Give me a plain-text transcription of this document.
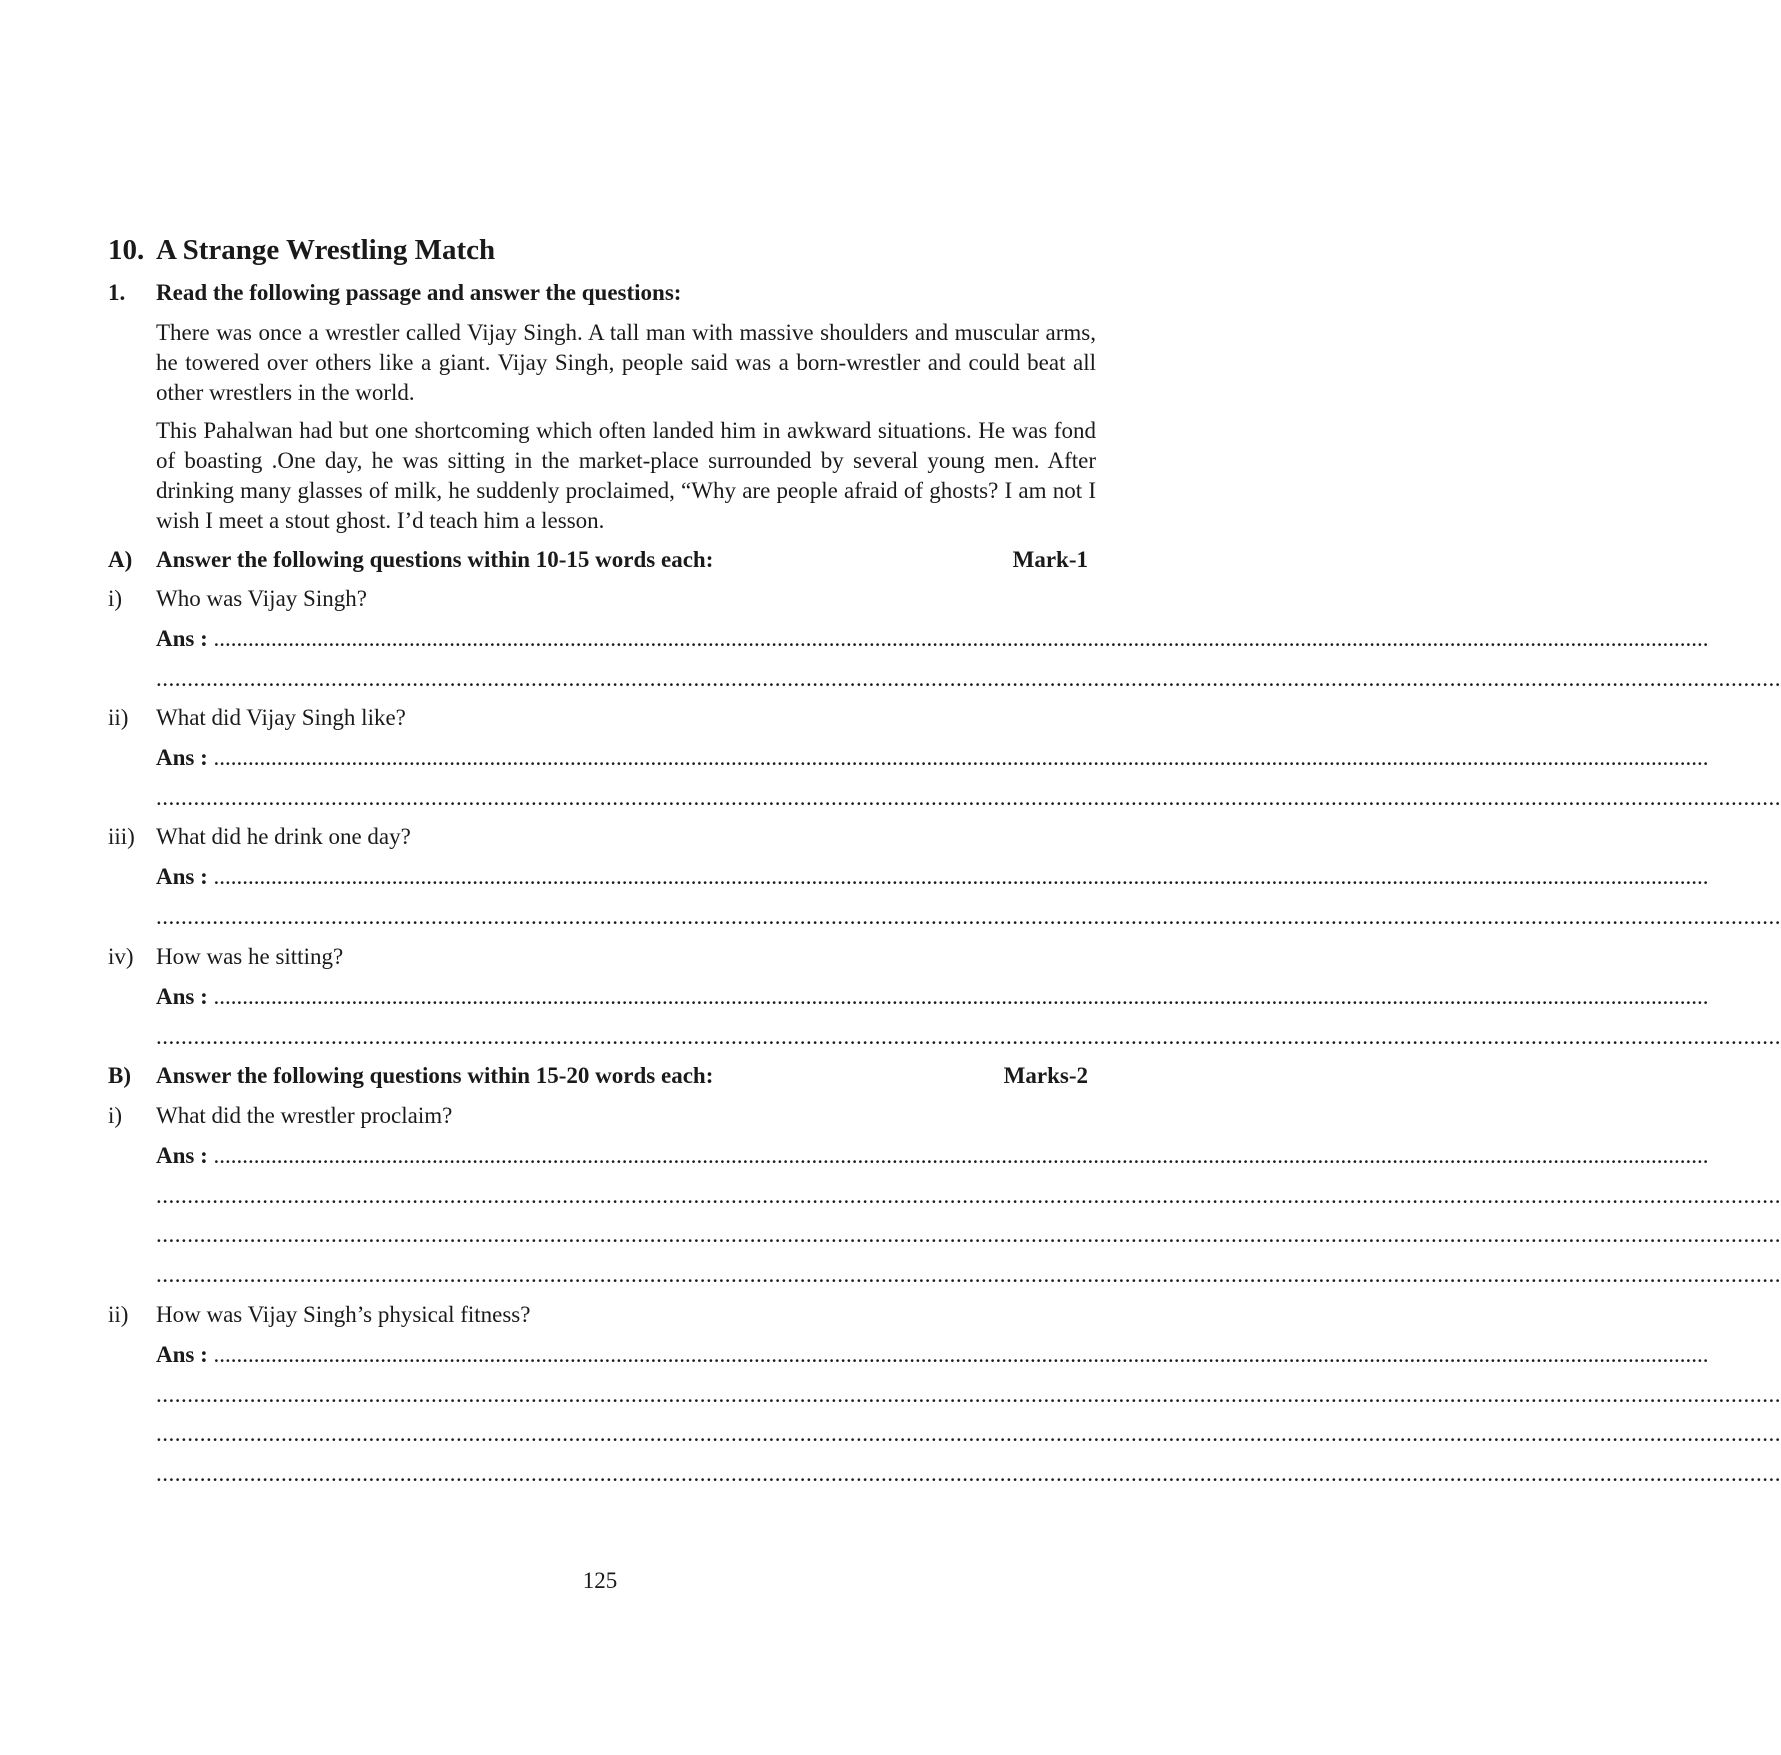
10. A Strange Wrestling Match
1. Read the following passage and answer the questions:

There was once a wrestler called Vijay Singh. A tall man with massive shoulders and muscular arms, he towered over others like a giant. Vijay Singh, people said was a born-wrestler and could beat all other wrestlers in the world.

This Pahalwan had but one shortcoming which often landed him in awkward situations. He was fond of boasting .One day, he was sitting in the market-place surrounded by several young men. After drinking many glasses of milk, he suddenly proclaimed, “Why are people afraid of ghosts? I am not I wish I meet a stout ghost. I’d teach him a lesson.

A) Answer the following questions within 10-15 words each:	Mark-1
i) Who was Vijay Singh?
Ans : ....................................................................................................................................................................................................................................................................
....................................................................................................................................................................................................................................................................
ii) What did Vijay Singh like?
Ans : ....................................................................................................................................................................................................................................................................
....................................................................................................................................................................................................................................................................
iii) What did he drink one day?
Ans : ....................................................................................................................................................................................................................................................................
....................................................................................................................................................................................................................................................................
iv) How was he sitting?
Ans : ....................................................................................................................................................................................................................................................................
....................................................................................................................................................................................................................................................................
B) Answer the following questions within 15-20 words each:	Marks-2
i) What did the wrestler proclaim?
Ans : ....................................................................................................................................................................................................................................................................
....................................................................................................................................................................................................................................................................
....................................................................................................................................................................................................................................................................
....................................................................................................................................................................................................................................................................
ii) How was Vijay Singh’s physical fitness?
Ans : ....................................................................................................................................................................................................................................................................
....................................................................................................................................................................................................................................................................
....................................................................................................................................................................................................................................................................
....................................................................................................................................................................................................................................................................
125
